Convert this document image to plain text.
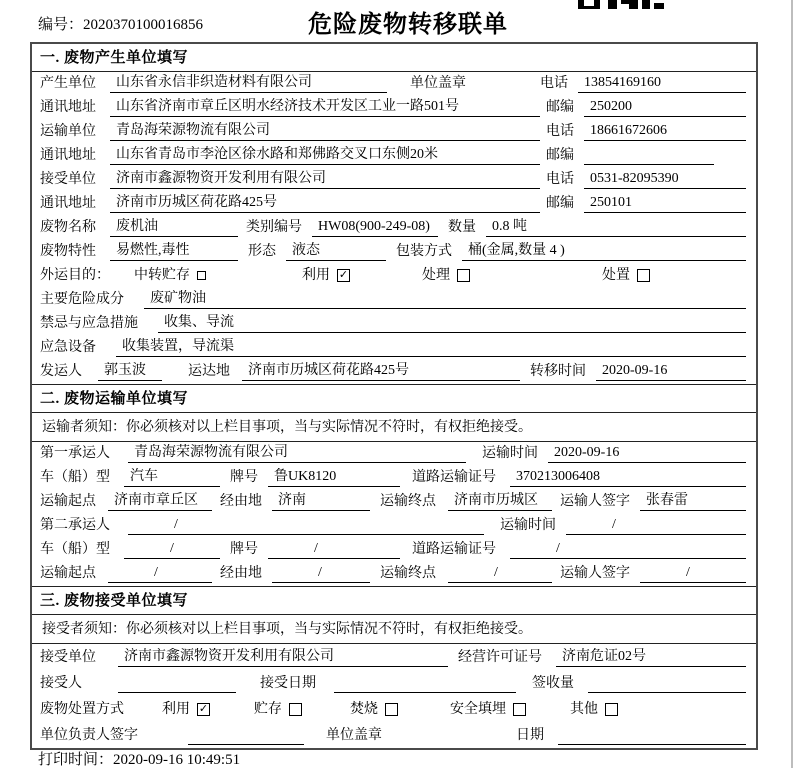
编号：2020370100016856	危险废物转移联单
一. 废物产生单位填写
产生单位	山东省永信非织造材料有限公司	单位盖章	电话	13854169160
通讯地址	山东省济南市章丘区明水经济技术开发区工业一路501号	邮编	250200
运输单位	青岛海荣源物流有限公司	电话	18661672606
通讯地址	山东省青岛市李沧区徐水路和郑佛路交叉口东侧20米	邮编
接受单位	济南市鑫源物资开发利用有限公司	电话	0531-82095390
通讯地址	济南市历城区荷花路425号	邮编	250101
废物名称	废机油	类别编号	HW08(900-249-08)	数量	0.8 吨
废物特性	易燃性,毒性	形态	液态	包装方式	桶(金属,数量 4 )
外运目的：	中转贮存	利用 ✓	处理	处置
主要危险成分	废矿物油
禁忌与应急措施	收集、导流
应急设备	收集装置，导流渠
发运人	郭玉波	运达地	济南市历城区荷花路425号	转移时间	2020-09-16
二. 废物运输单位填写
运输者须知：你必须核对以上栏目事项，当与实际情况不符时，有权拒绝接受。
第一承运人	青岛海荣源物流有限公司	运输时间	2020-09-16
车（船）型	汽车	牌号	鲁UK8120	道路运输证号	370213006408
运输起点	济南市章丘区	经由地	济南	运输终点	济南市历城区	运输人签字	张春雷
第二承运人	/	运输时间	/
车（船）型	/	牌号	/	道路运输证号	/
运输起点	/	经由地	/	运输终点	/	运输人签字	/
三. 废物接受单位填写
接受者须知：你必须核对以上栏目事项，当与实际情况不符时，有权拒绝接受。
接受单位	济南市鑫源物资开发利用有限公司	经营许可证号	济南危证02号
接受人	接受日期	签收量
废物处置方式	利用 ✓	贮存	焚烧	安全填埋	其他
单位负责人签字	单位盖章	日期
打印时间：2020-09-16 10:49:51
